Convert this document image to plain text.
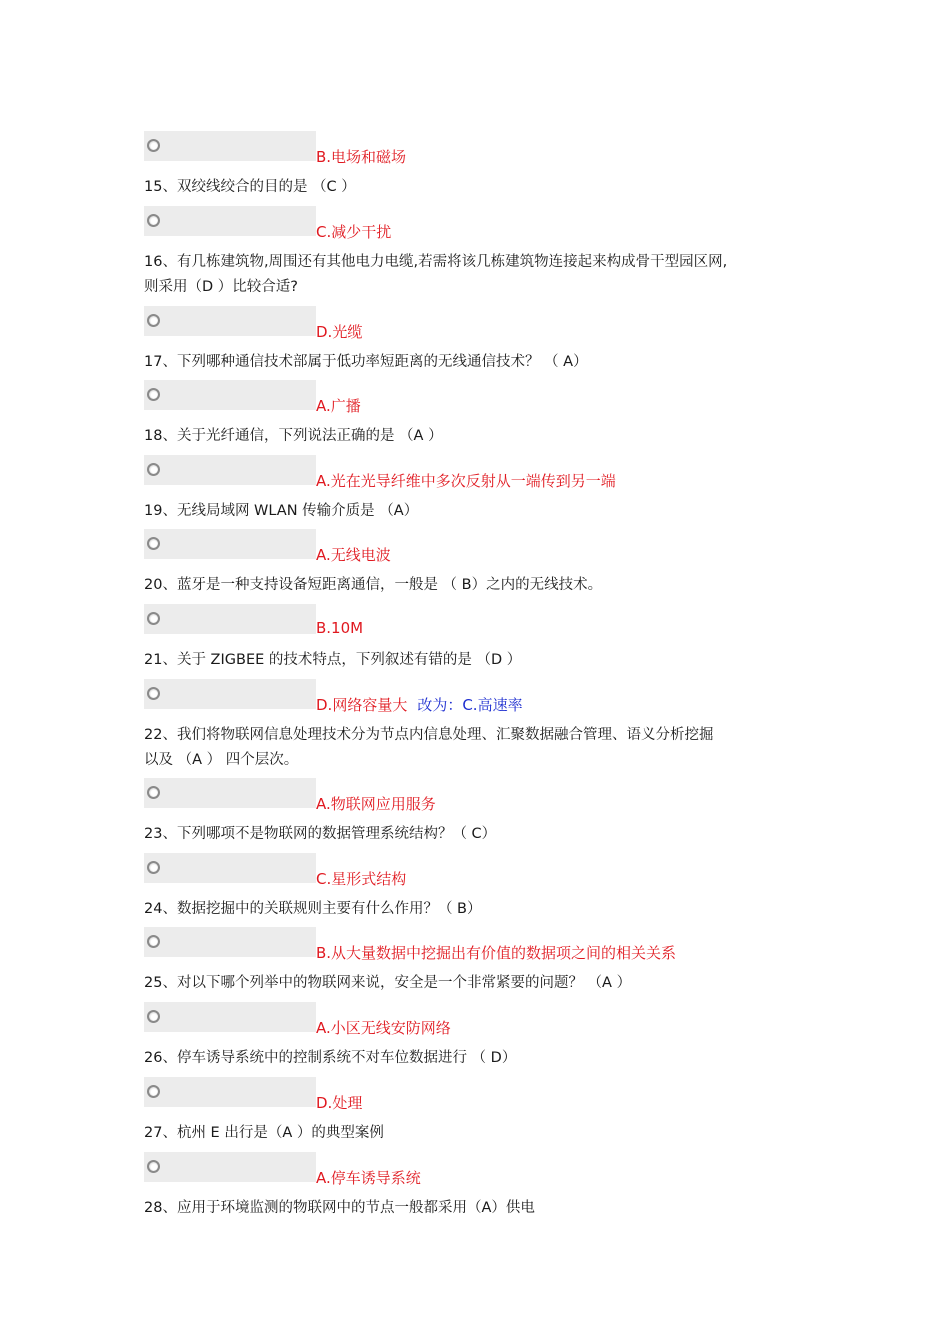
B.电场和磁场
15、双绞线绞合的目的是 （C ）
C.减少干扰
16、有几栋建筑物,周围还有其他电力电缆,若需将该几栋建筑物连接起来构成骨干型园区网,
则采用（D ）比较合适?
D.光缆
17、下列哪种通信技术部属于低功率短距离的无线通信技术？ （ A）
A.广播
18、关于光纤通信，下列说法正确的是 （A ）
A.光在光导纤维中多次反射从一端传到另一端
19、无线局域网 WLAN 传输介质是 （A）
A.无线电波
20、蓝牙是一种支持设备短距离通信，一般是 （ B）之内的无线技术。
B.10M
21、关于 ZIGBEE 的技术特点，下列叙述有错的是 （D ）
D.网络容量大 改为：C.高速率
22、我们将物联网信息处理技术分为节点内信息处理、汇聚数据融合管理、语义分析挖掘
以及 （A ） 四个层次。
A.物联网应用服务
23、下列哪项不是物联网的数据管理系统结构？（ C）
C.星形式结构
24、数据挖掘中的关联规则主要有什么作用？（ B）
B.从大量数据中挖掘出有价值的数据项之间的相关关系
25、对以下哪个列举中的物联网来说，安全是一个非常紧要的问题？ （A ）
A.小区无线安防网络
26、停车诱导系统中的控制系统不对车位数据进行 （ D）
D.处理
27、杭州 E 出行是（A ）的典型案例
A.停车诱导系统
28、应用于环境监测的物联网中的节点一般都采用（A）供电
